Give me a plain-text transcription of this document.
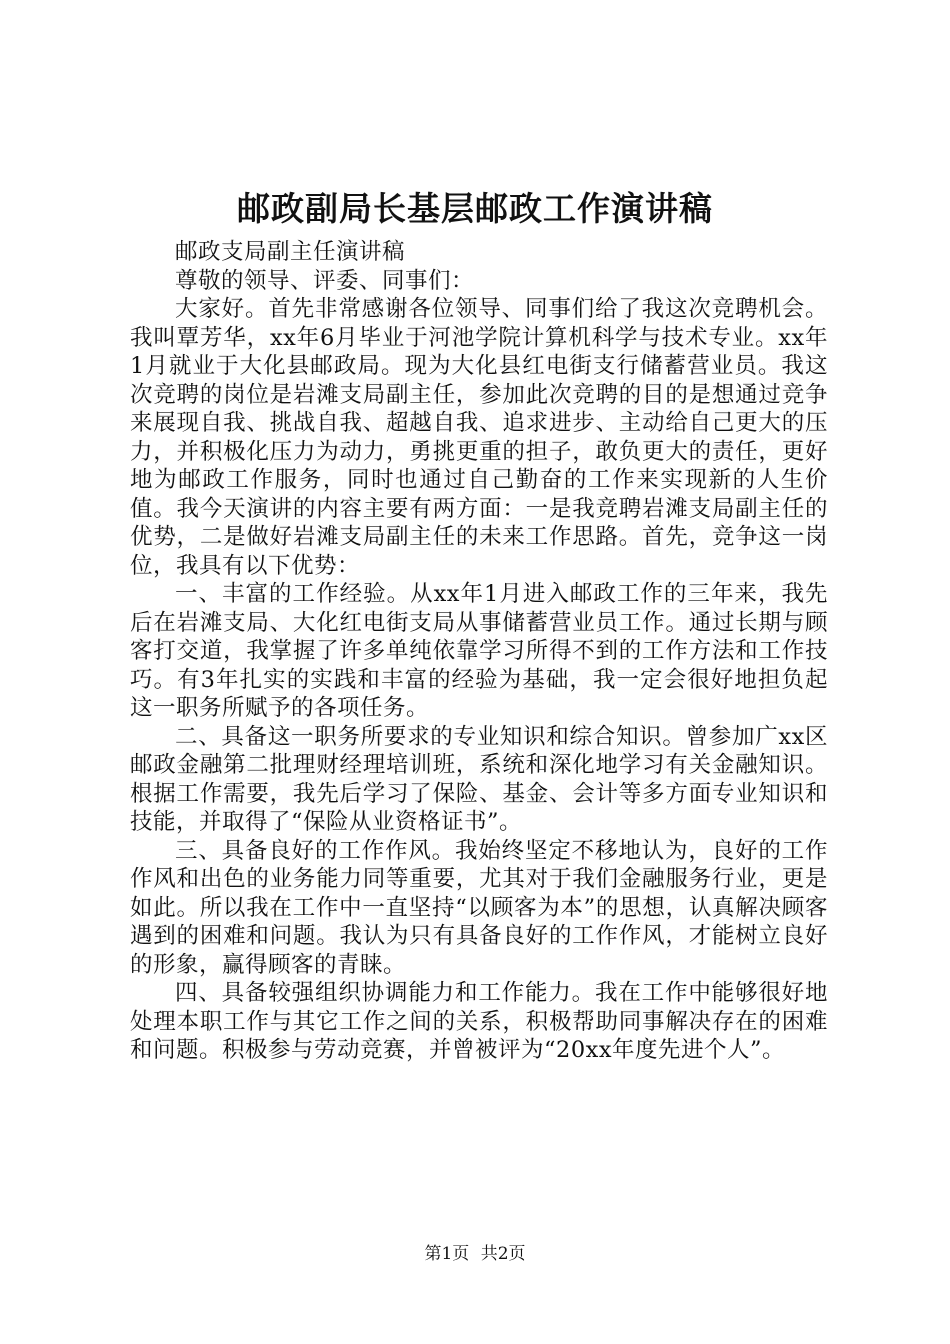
邮政副局长基层邮政工作演讲稿

邮政支局副主任演讲稿

尊敬的领导、评委、同事们：

大家好。首先非常感谢各位领导、同事们给了我这次竞聘机会。我叫覃芳华，xx年6月毕业于河池学院计算机科学与技术专业。xx年1月就业于大化县邮政局。现为大化县红电街支行储蓄营业员。我这次竞聘的岗位是岩滩支局副主任，参加此次竞聘的目的是想通过竞争来展现自我、挑战自我、超越自我、追求进步、主动给自己更大的压力，并积极化压力为动力，勇挑更重的担子，敢负更大的责任，更好地为邮政工作服务，同时也通过自己勤奋的工作来实现新的人生价值。我今天演讲的内容主要有两方面：一是我竞聘岩滩支局副主任的优势，二是做好岩滩支局副主任的未来工作思路。首先，竞争这一岗位，我具有以下优势：

一、丰富的工作经验。从xx年1月进入邮政工作的三年来，我先后在岩滩支局、大化红电街支局从事储蓄营业员工作。通过长期与顾客打交道，我掌握了许多单纯依靠学习所得不到的工作方法和工作技巧。有3年扎实的实践和丰富的经验为基础，我一定会很好地担负起这一职务所赋予的各项任务。

二、具备这一职务所要求的专业知识和综合知识。曾参加广xx区邮政金融第二批理财经理培训班，系统和深化地学习有关金融知识。根据工作需要，我先后学习了保险、基金、会计等多方面专业知识和技能，并取得了“保险从业资格证书”。

三、具备良好的工作作风。我始终坚定不移地认为，良好的工作作风和出色的业务能力同等重要，尤其对于我们金融服务行业，更是如此。所以我在工作中一直坚持“以顾客为本”的思想，认真解决顾客遇到的困难和问题。我认为只有具备良好的工作作风，才能树立良好的形象，赢得顾客的青睐。

四、具备较强组织协调能力和工作能力。我在工作中能够很好地处理本职工作与其它工作之间的关系，积极帮助同事解决存在的困难和问题。积极参与劳动竞赛，并曾被评为“20xx年度先进个人”。

第1页 共2页
